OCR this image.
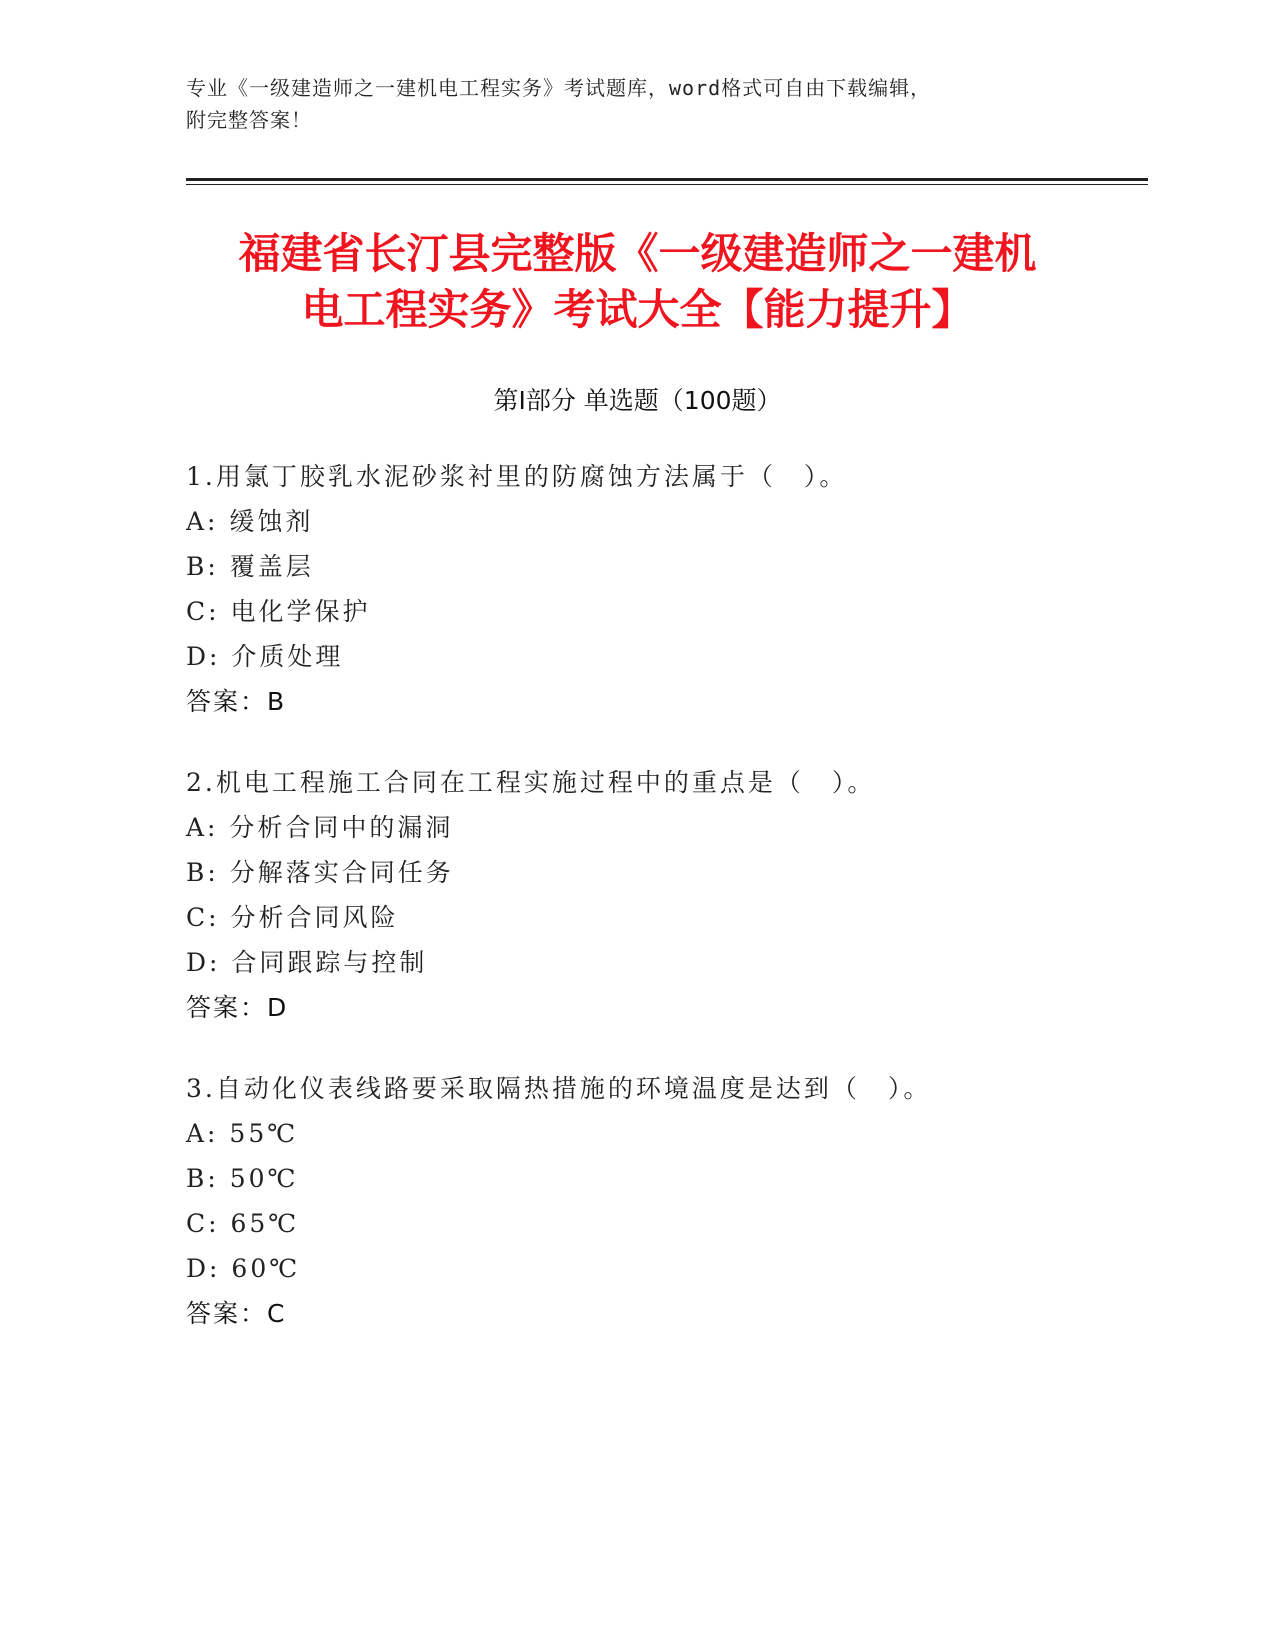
专业《一级建造师之一建机电工程实务》考试题库，word格式可自由下载编辑，
附完整答案！
福建省长汀县完整版《一级建造师之一建机
电工程实务》考试大全【能力提升】
第Ⅰ部分 单选题（100题）
1.用氯丁胶乳水泥砂浆衬里的防腐蚀方法属于（　）。
A: 缓蚀剂
B: 覆盖层
C: 电化学保护
D: 介质处理
答案：B
2.机电工程施工合同在工程实施过程中的重点是（　）。
A: 分析合同中的漏洞
B: 分解落实合同任务
C: 分析合同风险
D: 合同跟踪与控制
答案：D
3.自动化仪表线路要采取隔热措施的环境温度是达到（　）。
A: 55℃
B: 50℃
C: 65℃
D: 60℃
答案：C
